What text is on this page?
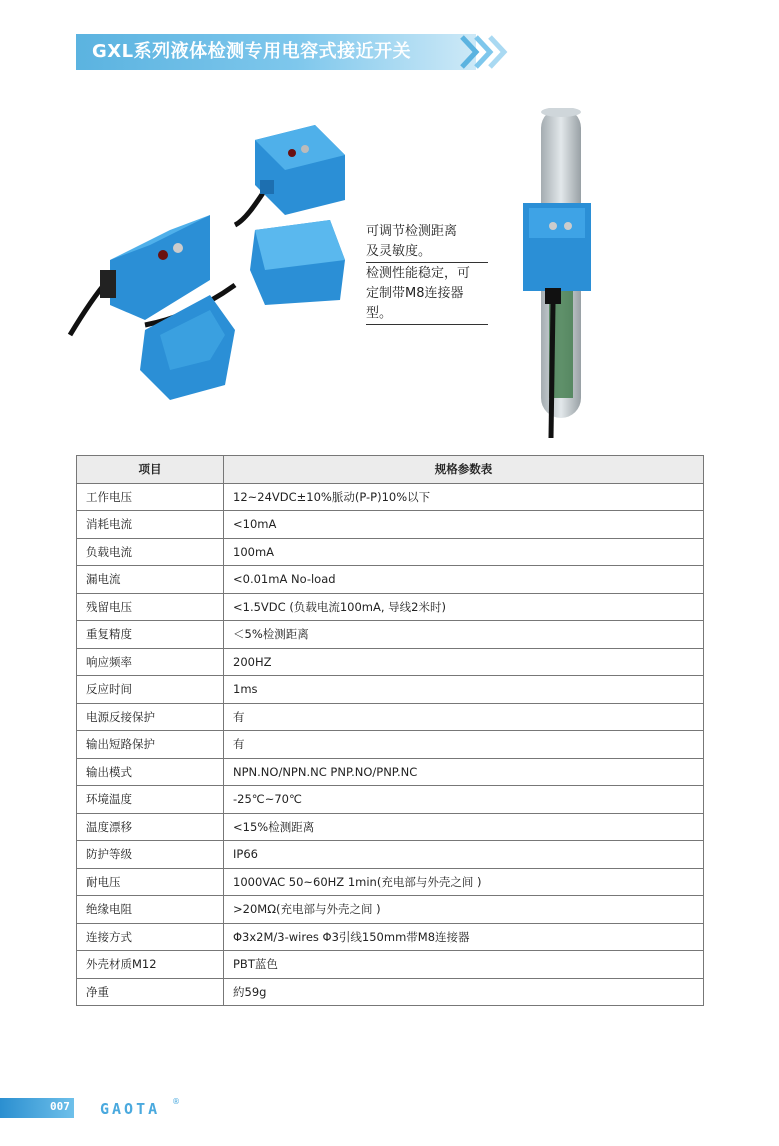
GXL系列液体检测专用电容式接近开关
可调节检测距离
及灵敏度。
检测性能稳定，可
定制带M8连接器型。
项目	规格参数表
工作电压	12~24VDC±10%脈动(P-P)10%以下
消耗电流	<10mA
负载电流	100mA
漏电流	<0.01mA No-load
残留电压	<1.5VDC (负载电流100mA, 导线2米时)
重复精度	＜5%检测距离
响应频率	200HZ
反应时间	1ms
电源反接保护	有
输出短路保护	有
输出模式	NPN.NO/NPN.NC PNP.NO/PNP.NC
环境温度	-25℃~70℃
温度漂移	<15%检测距离
防护等级	IP66
耐电压	1000VAC 50~60HZ 1min(充电部与外壳之间 )
绝缘电阻	>20MΩ(充电部与外壳之间 )
连接方式	Φ3x2M/3-wires Φ3引线150mm带M8连接器
外壳材质M12	PBT蓝色
净重	約59g
007 GAOTA ®
